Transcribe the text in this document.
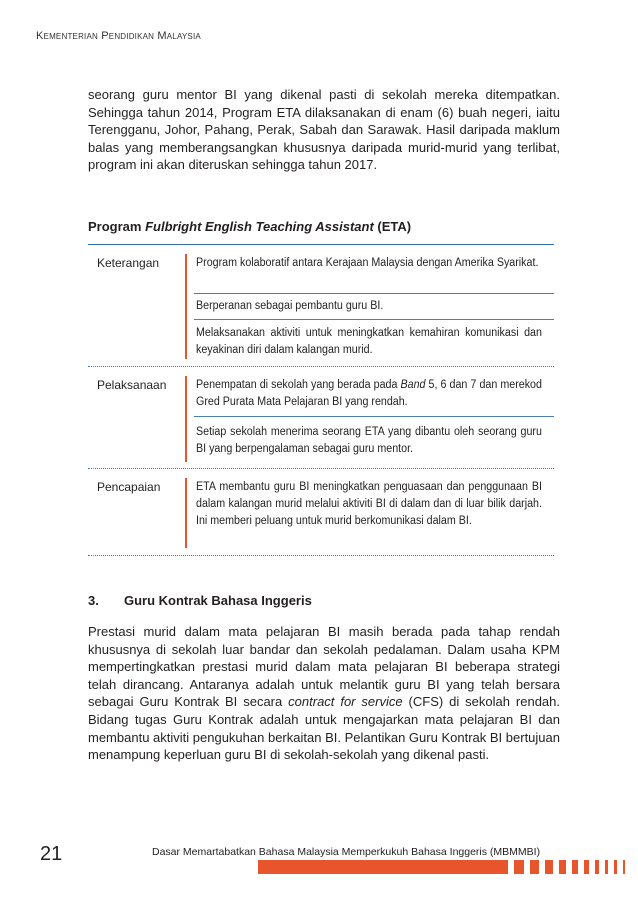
Kementerian Pendidikan Malaysia

seorang guru mentor BI yang dikenal pasti di sekolah mereka ditempatkan. Sehingga tahun 2014, Program ETA dilaksanakan di enam (6) buah negeri, iaitu Terengganu, Johor, Pahang, Perak, Sabah dan Sarawak. Hasil daripada maklum balas yang memberangsangkan khususnya daripada murid-murid yang terlibat, program ini akan diteruskan sehingga tahun 2017.

Program Fulbright English Teaching Assistant (ETA)

Keterangan	Program kolaboratif antara Kerajaan Malaysia dengan Amerika Syarikat.

Berperanan sebagai pembantu guru BI.

Melaksanakan aktiviti untuk meningkatkan kemahiran komunikasi dan keyakinan diri dalam kalangan murid.

Pelaksanaan	Penempatan di sekolah yang berada pada Band 5, 6 dan 7 dan merekod Gred Purata Mata Pelajaran BI yang rendah.

Setiap sekolah menerima seorang ETA yang dibantu oleh seorang guru BI yang berpengalaman sebagai guru mentor.

Pencapaian	ETA membantu guru BI meningkatkan penguasaan dan penggunaan BI dalam kalangan murid melalui aktiviti BI di dalam dan di luar bilik darjah. Ini memberi peluang untuk murid berkomunikasi dalam BI.

3. Guru Kontrak Bahasa Inggeris

Prestasi murid dalam mata pelajaran BI masih berada pada tahap rendah khususnya di sekolah luar bandar dan sekolah pedalaman. Dalam usaha KPM mempertingkatkan prestasi murid dalam mata pelajaran BI beberapa strategi telah dirancang. Antaranya adalah untuk melantik guru BI yang telah bersara sebagai Guru Kontrak BI secara contract for service (CFS) di sekolah rendah. Bidang tugas Guru Kontrak adalah untuk mengajarkan mata pelajaran BI dan membantu aktiviti pengukuhan berkaitan BI. Pelantikan Guru Kontrak BI bertujuan menampung keperluan guru BI di sekolah-sekolah yang dikenal pasti.

21	Dasar Memartabatkan Bahasa Malaysia Memperkukuh Bahasa Inggeris (MBMMBI)
